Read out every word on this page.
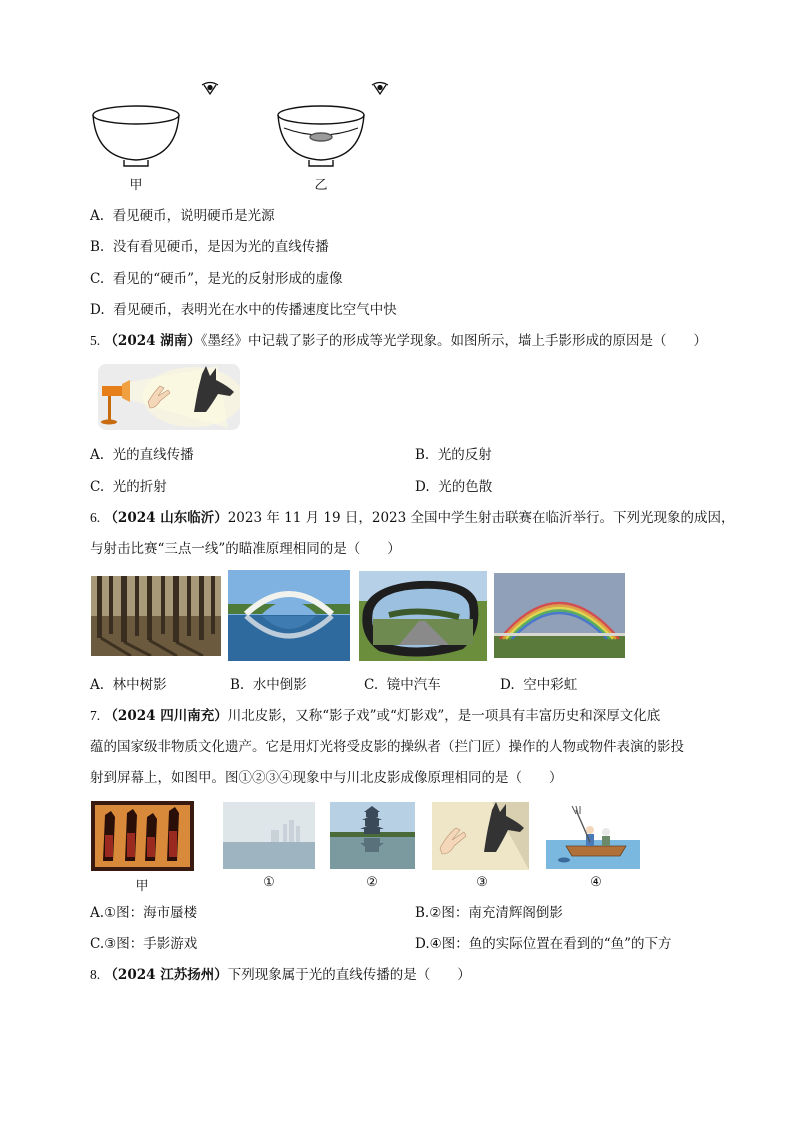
甲	乙
A. 看见硬币，说明硬币是光源
B. 没有看见硬币，是因为光的直线传播
C. 看见的“硬币”，是光的反射形成的虚像
D. 看见硬币，表明光在水中的传播速度比空气中快
5. （2024 湖南）《墨经》中记载了影子的形成等光学现象。如图所示，墙上手影形成的原因是（　　）
A. 光的直线传播	B. 光的反射
C. 光的折射	D. 光的色散
6. （2024 山东临沂）2023 年 11 月 19 日，2023 全国中学生射击联赛在临沂举行。下列光现象的成因，
与射击比赛“三点一线”的瞄准原理相同的是（　　）
A. 林中树影	B. 水中倒影	C. 镜中汽车	D. 空中彩虹
7. （2024 四川南充）川北皮影，又称“影子戏”或“灯影戏”，是一项具有丰富历史和深厚文化底
蕴的国家级非物质文化遗产。它是用灯光将受皮影的操纵者（拦门匠）操作的人物或物件表演的影投
射到屏幕上，如图甲。图①②③④现象中与川北皮影成像原理相同的是（　　）
甲	①	②	③	④
A.①图：海市蜃楼	B.②图：南充清辉阁倒影
C.③图：手影游戏	D.④图：鱼的实际位置在看到的“鱼”的下方
8. （2024 江苏扬州）下列现象属于光的直线传播的是（　　）
